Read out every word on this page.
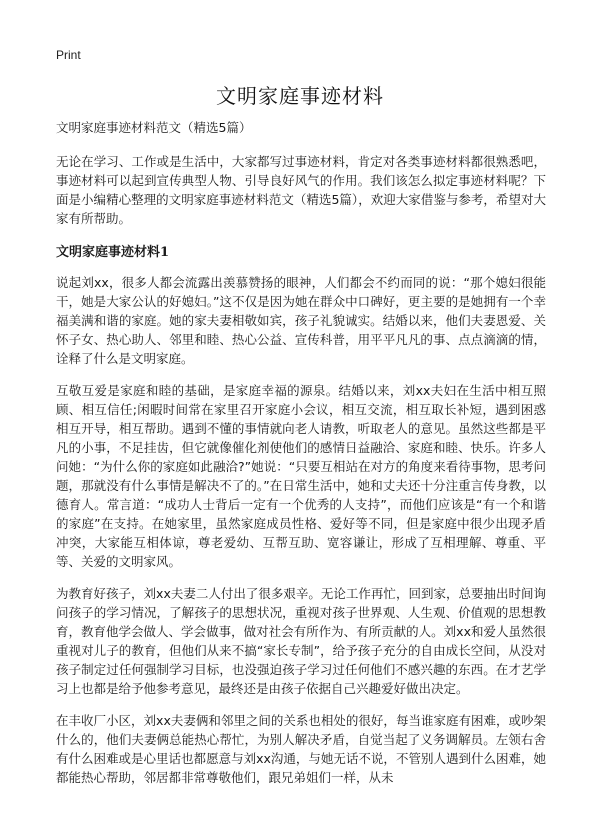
Print
文明家庭事迹材料

文明家庭事迹材料范文（精选5篇）

无论在学习、工作或是生活中，大家都写过事迹材料，肯定对各类事迹材料都很熟悉吧，事迹材料可以起到宣传典型人物、引导良好风气的作用。我们该怎么拟定事迹材料呢？下面是小编精心整理的文明家庭事迹材料范文（精选5篇），欢迎大家借鉴与参考，希望对大家有所帮助。

文明家庭事迹材料1

说起刘xx，很多人都会流露出羡慕赞扬的眼神，人们都会不约而同的说：“那个媳妇很能干，她是大家公认的好媳妇。”这不仅是因为她在群众中口碑好，更主要的是她拥有一个幸福美满和谐的家庭。她的家夫妻相敬如宾，孩子礼貌诚实。结婚以来，他们夫妻恩爱、关怀子女、热心助人、邻里和睦、热心公益、宣传科普，用平平凡凡的事、点点滴滴的情，诠释了什么是文明家庭。

互敬互爱是家庭和睦的基础，是家庭幸福的源泉。结婚以来，刘xx夫妇在生活中相互照顾、相互信任;闲暇时间常在家里召开家庭小会议，相互交流，相互取长补短，遇到困惑相互开导，相互帮助。遇到不懂的事情就向老人请教，听取老人的意见。虽然这些都是平凡的小事，不足挂齿，但它就像催化剂使他们的感情日益融洽、家庭和睦、快乐。许多人问她：“为什么你的家庭如此融洽?”她说：“只要互相站在对方的角度来看待事物，思考问题，那就没有什么事情是解决不了的。”在日常生活中，她和丈夫还十分注重言传身教，以德育人。常言道：“成功人士背后一定有一个优秀的人支持”，而他们应该是“有一个和谐的家庭”在支持。在她家里，虽然家庭成员性格、爱好等不同，但是家庭中很少出现矛盾冲突，大家能互相体谅，尊老爱幼、互帮互助、宽容谦让，形成了互相理解、尊重、平等、关爱的文明家风。

为教育好孩子，刘xx夫妻二人付出了很多艰辛。无论工作再忙，回到家，总要抽出时间询问孩子的学习情况，了解孩子的思想状况，重视对孩子世界观、人生观、价值观的思想教育，教育他学会做人、学会做事，做对社会有所作为、有所贡献的人。刘xx和爱人虽然很重视对儿子的教育，但他们从来不搞“家长专制”，给予孩子充分的自由成长空间，从没对孩子制定过任何强制学习目标，也没强迫孩子学习过任何他们不感兴趣的东西。在才艺学习上也都是给予他参考意见，最终还是由孩子依据自己兴趣爱好做出决定。

在丰收厂小区，刘xx夫妻俩和邻里之间的关系也相处的很好，每当谁家庭有困难，或吵架什么的，他们夫妻俩总能热心帮忙，为别人解决矛盾，自觉当起了义务调解员。左领右舍有什么困难或是心里话也都愿意与刘xx沟通，与她无话不说，不管别人遇到什么困难，她都能热心帮助，邻居都非常尊敬他们，跟兄弟姐们一样，从未
